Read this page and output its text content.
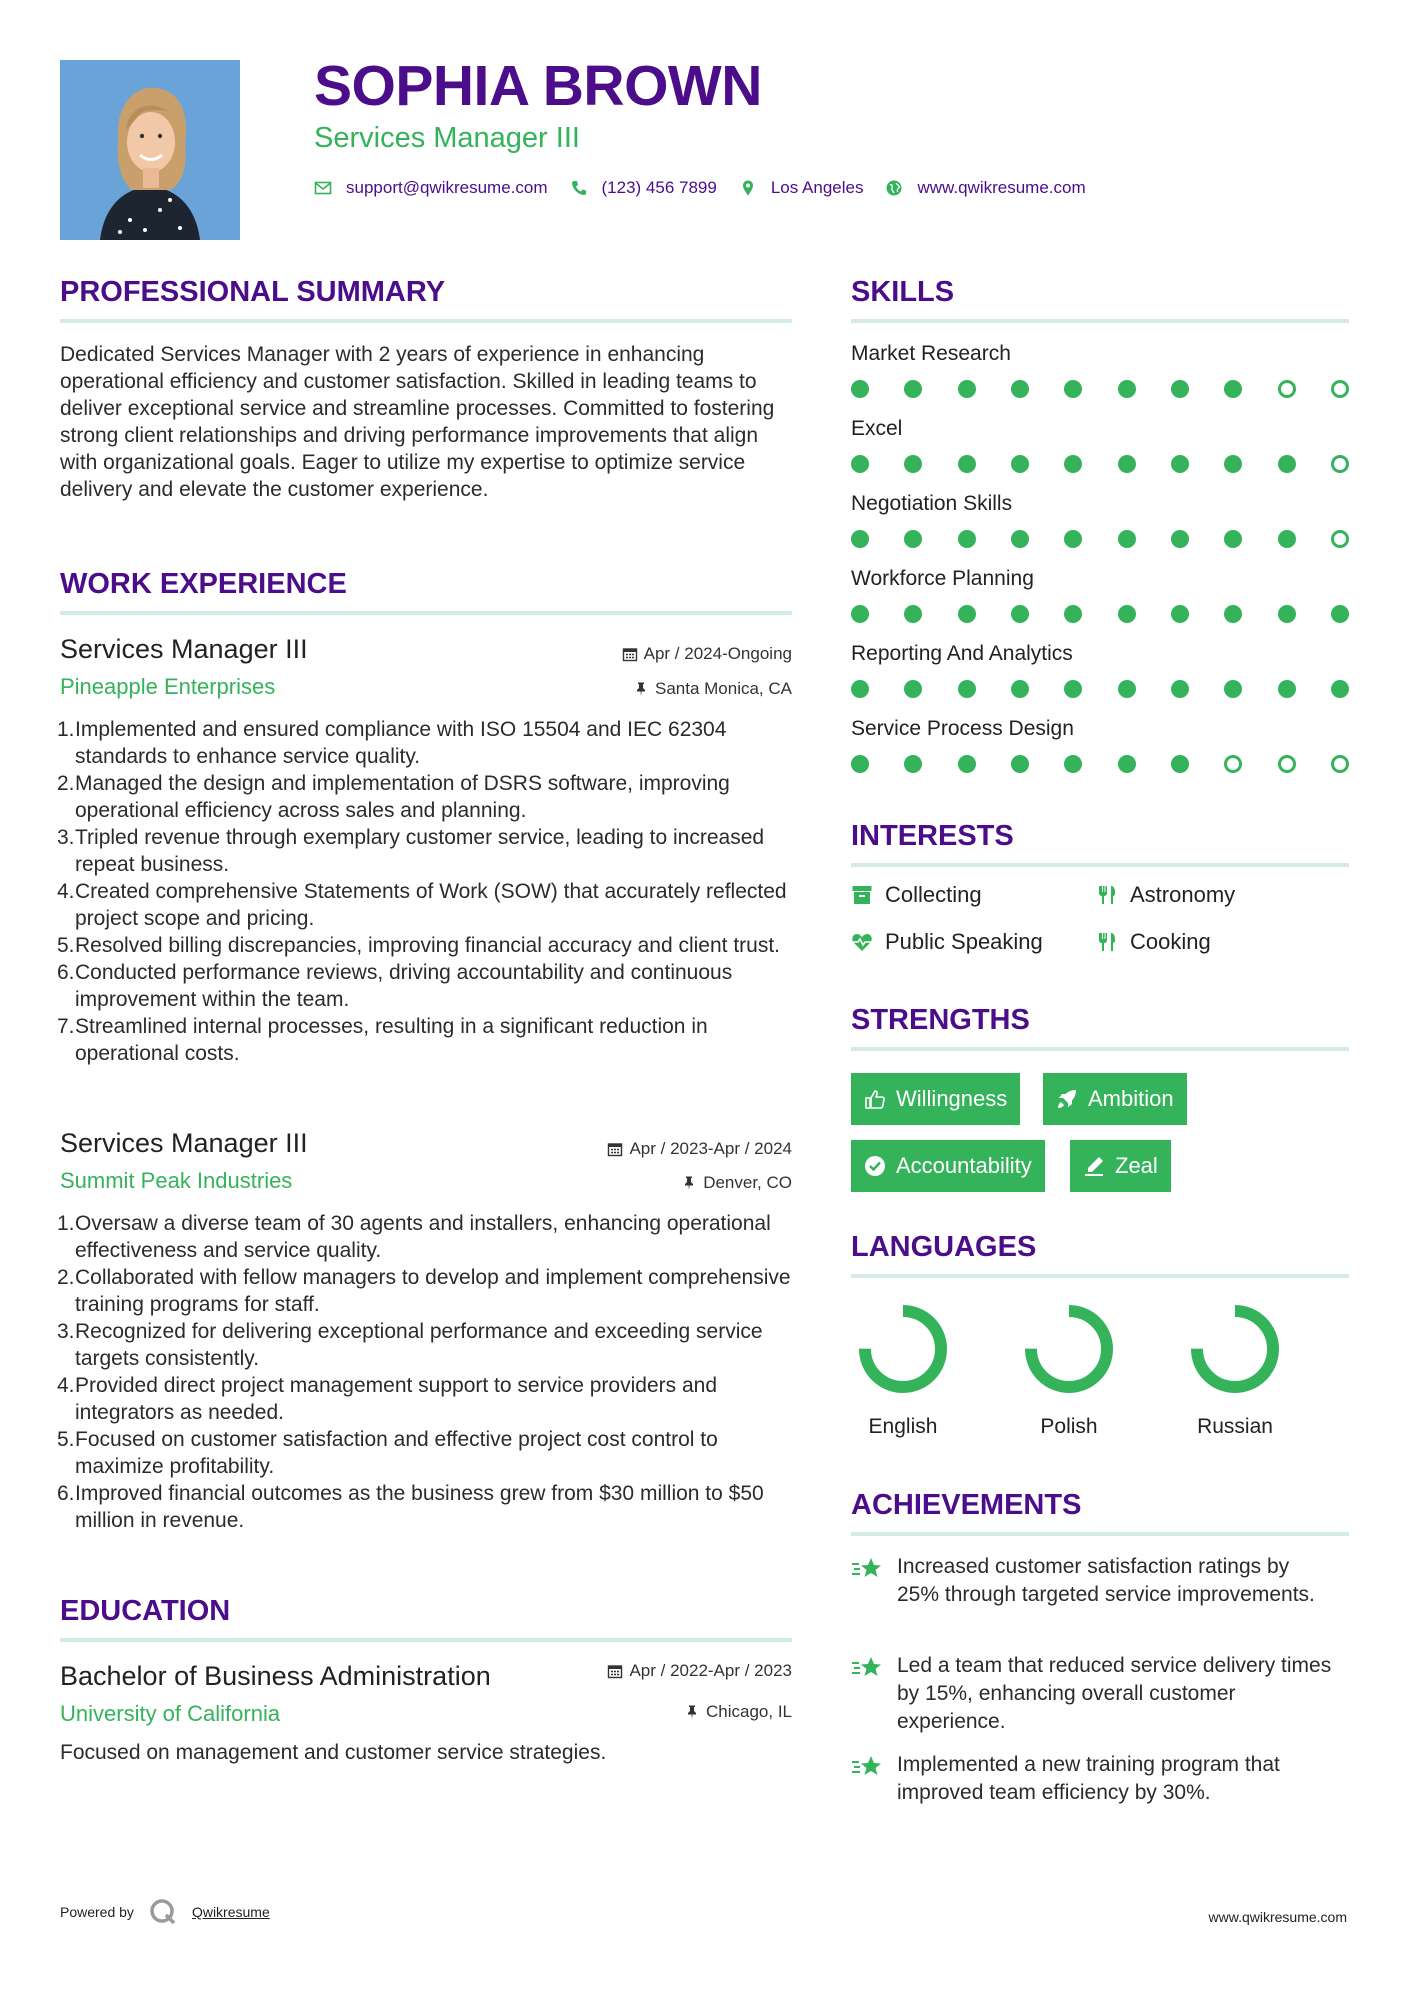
SOPHIA BROWN
Services Manager III
support@qwikresume.com	(123) 456 7899	Los Angeles	www.qwikresume.com
PROFESSIONAL SUMMARY
Dedicated Services Manager with 2 years of experience in enhancing operational efficiency and customer satisfaction. Skilled in leading teams to deliver exceptional service and streamline processes. Committed to fostering strong client relationships and driving performance improvements that align with organizational goals. Eager to utilize my expertise to optimize service delivery and elevate the customer experience.
WORK EXPERIENCE
Services Manager III	Apr / 2024-Ongoing
Pineapple Enterprises	Santa Monica, CA
1. Implemented and ensured compliance with ISO 15504 and IEC 62304 standards to enhance service quality.
2. Managed the design and implementation of DSRS software, improving operational efficiency across sales and planning.
3. Tripled revenue through exemplary customer service, leading to increased repeat business.
4. Created comprehensive Statements of Work (SOW) that accurately reflected project scope and pricing.
5. Resolved billing discrepancies, improving financial accuracy and client trust.
6. Conducted performance reviews, driving accountability and continuous improvement within the team.
7. Streamlined internal processes, resulting in a significant reduction in operational costs.
Services Manager III	Apr / 2023-Apr / 2024
Summit Peak Industries	Denver, CO
1. Oversaw a diverse team of 30 agents and installers, enhancing operational effectiveness and service quality.
2. Collaborated with fellow managers to develop and implement comprehensive training programs for staff.
3. Recognized for delivering exceptional performance and exceeding service targets consistently.
4. Provided direct project management support to service providers and integrators as needed.
5. Focused on customer satisfaction and effective project cost control to maximize profitability.
6. Improved financial outcomes as the business grew from $30 million to $50 million in revenue.
EDUCATION
Bachelor of Business Administration	Apr / 2022-Apr / 2023
University of California	Chicago, IL
Focused on management and customer service strategies.
SKILLS
Market Research
Excel
Negotiation Skills
Workforce Planning
Reporting And Analytics
Service Process Design
INTERESTS
Collecting	Astronomy
Public Speaking	Cooking
STRENGTHS
Willingness	Ambition
Accountability	Zeal
LANGUAGES
English	Polish	Russian
ACHIEVEMENTS
Increased customer satisfaction ratings by 25% through targeted service improvements.
Led a team that reduced service delivery times by 15%, enhancing overall customer experience.
Implemented a new training program that improved team efficiency by 30%.
Powered by	Qwikresume	www.qwikresume.com
